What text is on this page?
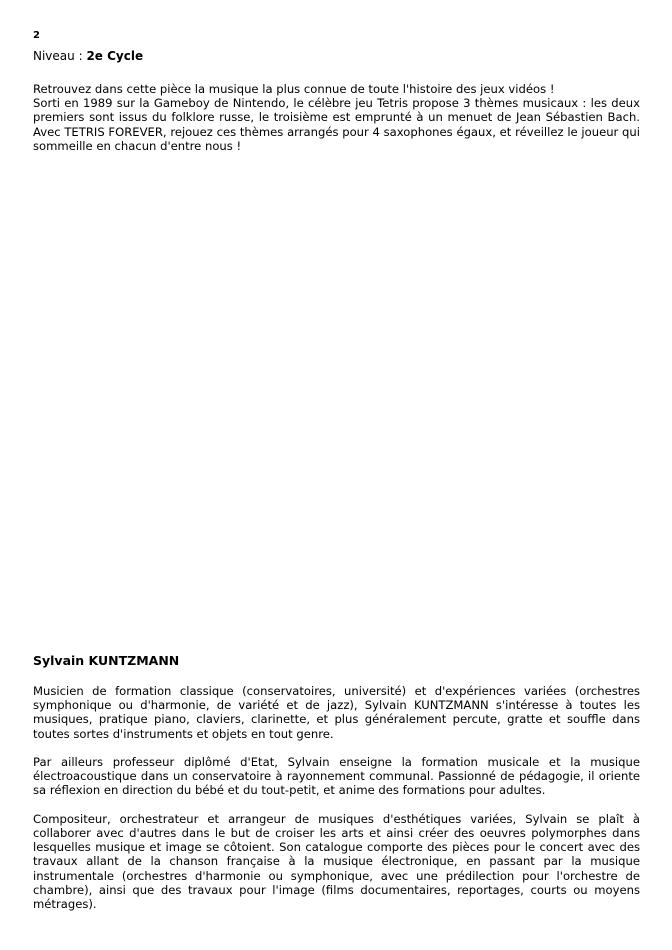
2
Niveau : 2e Cycle

Retrouvez dans cette pièce la musique la plus connue de toute l'histoire des jeux vidéos !

Sorti en 1989 sur la Gameboy de Nintendo, le célèbre jeu Tetris propose 3 thèmes musicaux : les deux premiers sont issus du folklore russe, le troisième est emprunté à un menuet de Jean Sébastien Bach. Avec TETRIS FOREVER, rejouez ces thèmes arrangés pour 4 saxophones égaux, et réveillez le joueur qui sommeille en chacun d'entre nous !

Sylvain KUNTZMANN

Musicien de formation classique (conservatoires, université) et d'expériences variées (orchestres symphonique ou d'harmonie, de variété et de jazz), Sylvain KUNTZMANN s'intéresse à toutes les musiques, pratique piano, claviers, clarinette, et plus généralement percute, gratte et souffle dans toutes sortes d'instruments et objets en tout genre.

Par ailleurs professeur diplômé d'Etat, Sylvain enseigne la formation musicale et la musique électroacoustique dans un conservatoire à rayonnement communal. Passionné de pédagogie, il oriente sa réflexion en direction du bébé et du tout-petit, et anime des formations pour adultes.

Compositeur, orchestrateur et arrangeur de musiques d'esthétiques variées, Sylvain se plaît à collaborer avec d'autres dans le but de croiser les arts et ainsi créer des oeuvres polymorphes dans lesquelles musique et image se côtoient. Son catalogue comporte des pièces pour le concert avec des travaux allant de la chanson française à la musique électronique, en passant par la musique instrumentale (orchestres d'harmonie ou symphonique, avec une prédilection pour l'orchestre de chambre), ainsi que des travaux pour l'image (films documentaires, reportages, courts ou moyens métrages).
